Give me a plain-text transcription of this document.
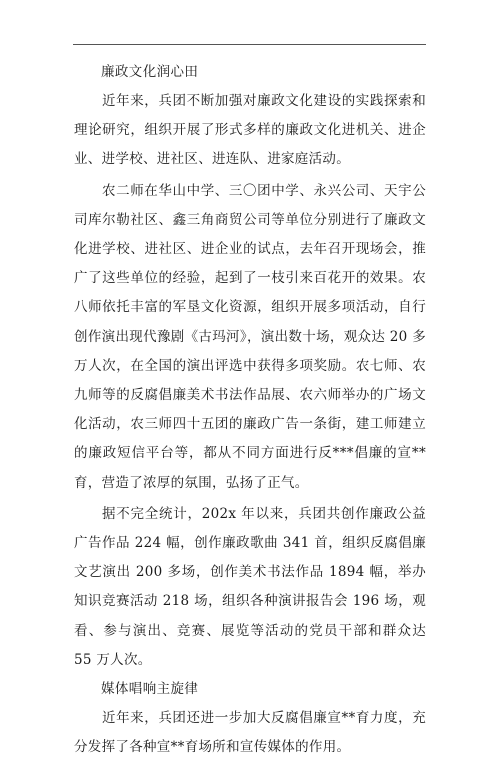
廉政文化润心田

近年来，兵团不断加强对廉政文化建设的实践探索和理论研究，组织开展了形式多样的廉政文化进机关、进企业、进学校、进社区、进连队、进家庭活动。

农二师在华山中学、三〇团中学、永兴公司、天宇公司库尔勒社区、鑫三角商贸公司等单位分别进行了廉政文化进学校、进社区、进企业的试点，去年召开现场会，推广了这些单位的经验，起到了一枝引来百花开的效果。农八师依托丰富的军垦文化资源，组织开展多项活动，自行创作演出现代豫剧《古玛河》，演出数十场，观众达 20 多万人次，在全国的演出评选中获得多项奖励。农七师、农九师等的反腐倡廉美术书法作品展、农六师举办的广场文化活动，农三师四十五团的廉政广告一条街，建工师建立的廉政短信平台等，都从不同方面进行反***倡廉的宣**育，营造了浓厚的氛围，弘扬了正气。

据不完全统计，202x 年以来，兵团共创作廉政公益广告作品 224 幅，创作廉政歌曲 341 首，组织反腐倡廉文艺演出 200 多场，创作美术书法作品 1894 幅，举办知识竞赛活动 218 场，组织各种演讲报告会 196 场，观看、参与演出、竞赛、展览等活动的党员干部和群众达 55 万人次。

媒体唱响主旋律

近年来，兵团还进一步加大反腐倡廉宣**育力度，充分发挥了各种宣**育场所和宣传媒体的作用。
